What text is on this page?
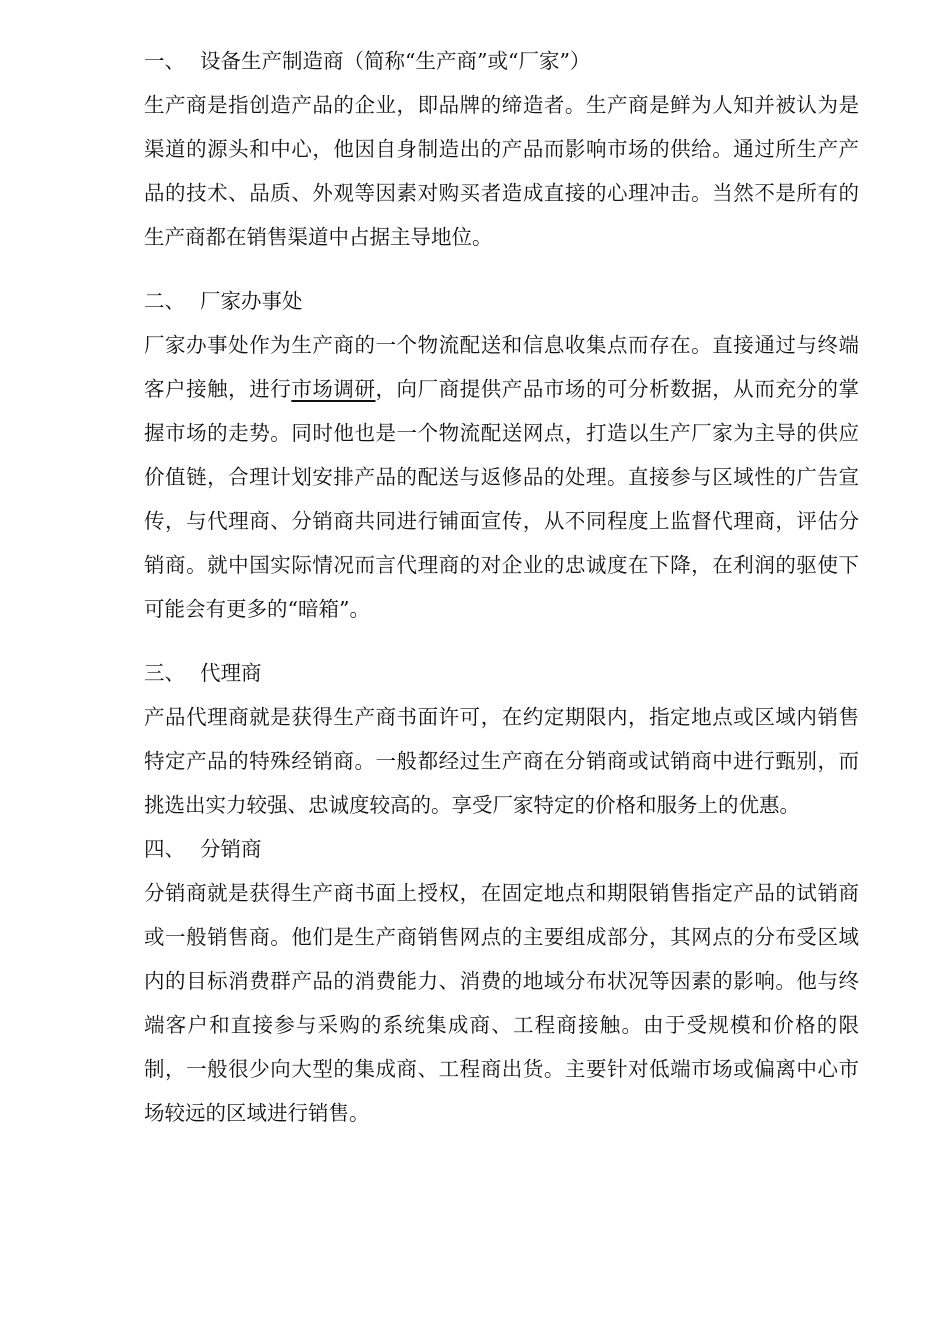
一、 设备生产制造商（简称“生产商”或“厂家”）

生产商是指创造产品的企业，即品牌的缔造者。生产商是鲜为人知并被认为是渠道的源头和中心，他因自身制造出的产品而影响市场的供给。通过所生产产品的技术、品质、外观等因素对购买者造成直接的心理冲击。当然不是所有的生产商都在销售渠道中占据主导地位。

二、 厂家办事处

厂家办事处作为生产商的一个物流配送和信息收集点而存在。直接通过与终端客户接触，进行市场调研，向厂商提供产品市场的可分析数据，从而充分的掌握市场的走势。同时他也是一个物流配送网点，打造以生产厂家为主导的供应价值链，合理计划安排产品的配送与返修品的处理。直接参与区域性的广告宣传，与代理商、分销商共同进行铺面宣传，从不同程度上监督代理商，评估分销商。就中国实际情况而言代理商的对企业的忠诚度在下降，在利润的驱使下可能会有更多的“暗箱”。

三、 代理商

产品代理商就是获得生产商书面许可，在约定期限内，指定地点或区域内销售特定产品的特殊经销商。一般都经过生产商在分销商或试销商中进行甄别，而挑选出实力较强、忠诚度较高的。享受厂家特定的价格和服务上的优惠。

四、 分销商

分销商就是获得生产商书面上授权，在固定地点和期限销售指定产品的试销商或一般销售商。他们是生产商销售网点的主要组成部分，其网点的分布受区域内的目标消费群产品的消费能力、消费的地域分布状况等因素的影响。他与终端客户和直接参与采购的系统集成商、工程商接触。由于受规模和价格的限制，一般很少向大型的集成商、工程商出货。主要针对低端市场或偏离中心市场较远的区域进行销售。
